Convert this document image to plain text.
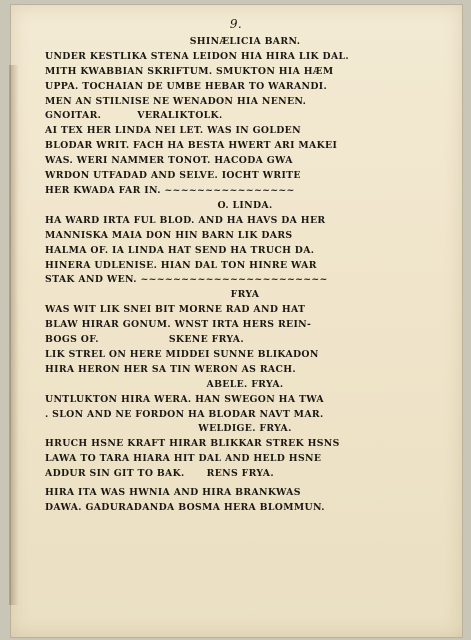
9.
SHINÆLICIA BARN.
UNDER KESTLIKA STENA LEIDON HIA HIRA LIK DAL.
MITH KWABBIAN SKRIFTUM. SMUKTON HIA HÆM
UPPA. TOCHAIAN DE UMBE HEBAR TO WARANDI.
MEN AN STILNISE NE WENADON HIA NENEN.
GNOITAR.	VERALIKTOLK.
AI TEX HER LINDA NEI LET. WAS IN GOLDEN
BLODAR WRIT. FACH HA BESTA HWERT ARI MAKEI
WAS. WERI NAMMER TONOT. HACODA GWA
WRDON UTFADAD AND SELVE. IOCHT WRITE
HER KWADA FAR IN. ~~~~~~~~~~~~~~~~
O. LINDA.
HA WARD IRTA FUL BLOD. AND HA HAVS DA HER
MANNISKA MAIA DON HIN BARN LIK DARS
HALMA OF. IA LINDA HAT SEND HA TRUCH DA.
HINERA UDLENISE. HIAN DAL TON HINRE WAR
STAK AND WEN. ~~~~~~~~~~~~~~~~~~~~~~~
FRYA
WAS WIT LIK SNEI BIT MORNE RAD AND HAT
BLAW HIRAR GONUM. WNST IRTA HERS REIN-
BOGS OF.	SKENE FRYA.
LIK STREL ON HERE MIDDEI SUNNE BLIKADON
HIRA HERON HER SA TIN WERON AS RACH.
ABELE. FRYA.
UNTLUKTON HIRA WERA. HAN SWEGON HA TWA
. SLON AND NE FORDON HA BLODAR NAVT MAR.
WELDIGE. FRYA.
HRUCH HSNE KRAFT HIRAR BLIKKAR STREK HSNS
LAWA TO TARA HIARA HIT DAL AND HELD HSNE
ADDUR SIN GIT TO BAK. RENS FRYA.
HIRA ITA WAS HWNIA AND HIRA BRANKWAS
DAWA. GADURADANDA BOSMA HERA BLOMMUN.
